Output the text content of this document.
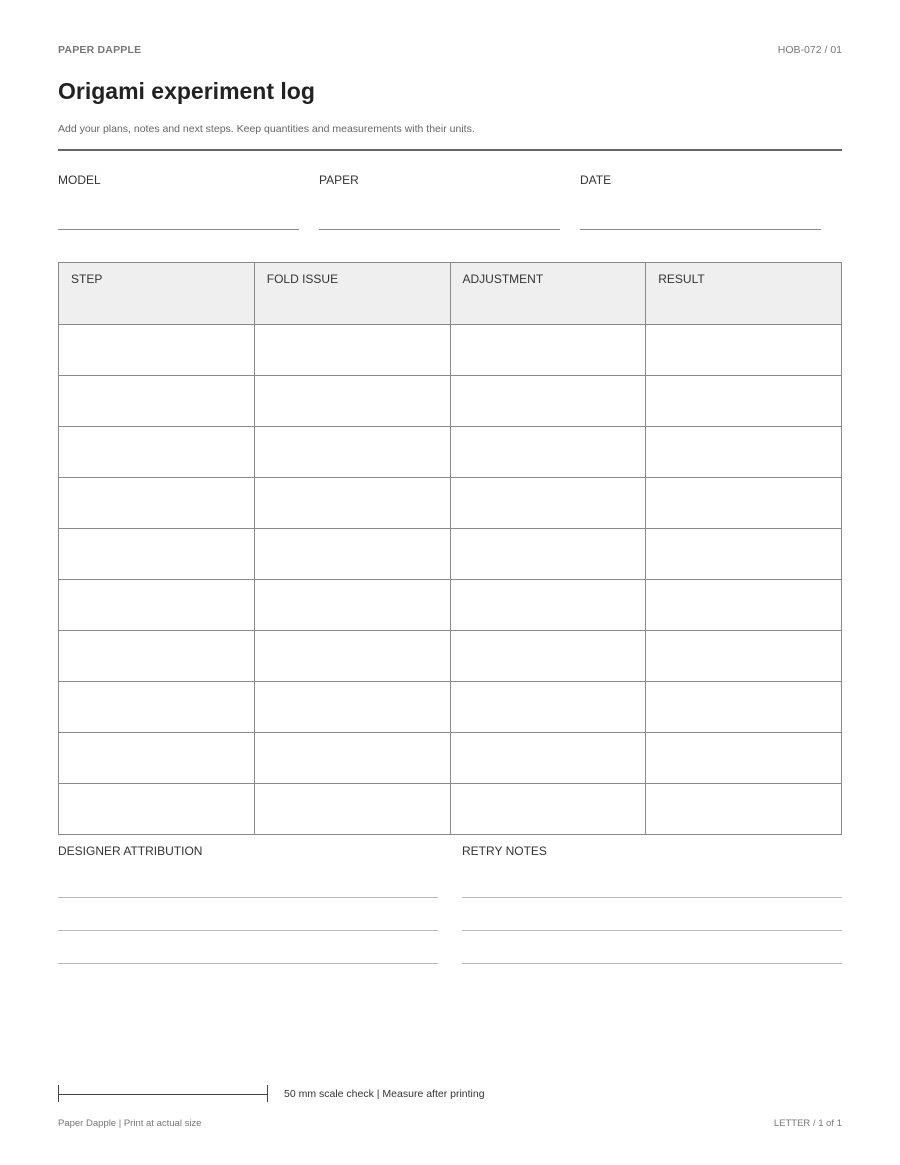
PAPER DAPPLE	HOB-072 / 01
Origami experiment log
Add your plans, notes and next steps. Keep quantities and measurements with their units.
MODEL	PAPER	DATE
STEP	FOLD ISSUE	ADJUSTMENT	RESULT

DESIGNER ATTRIBUTION	RETRY NOTES
50 mm scale check | Measure after printing
Paper Dapple | Print at actual size	LETTER / 1 of 1
